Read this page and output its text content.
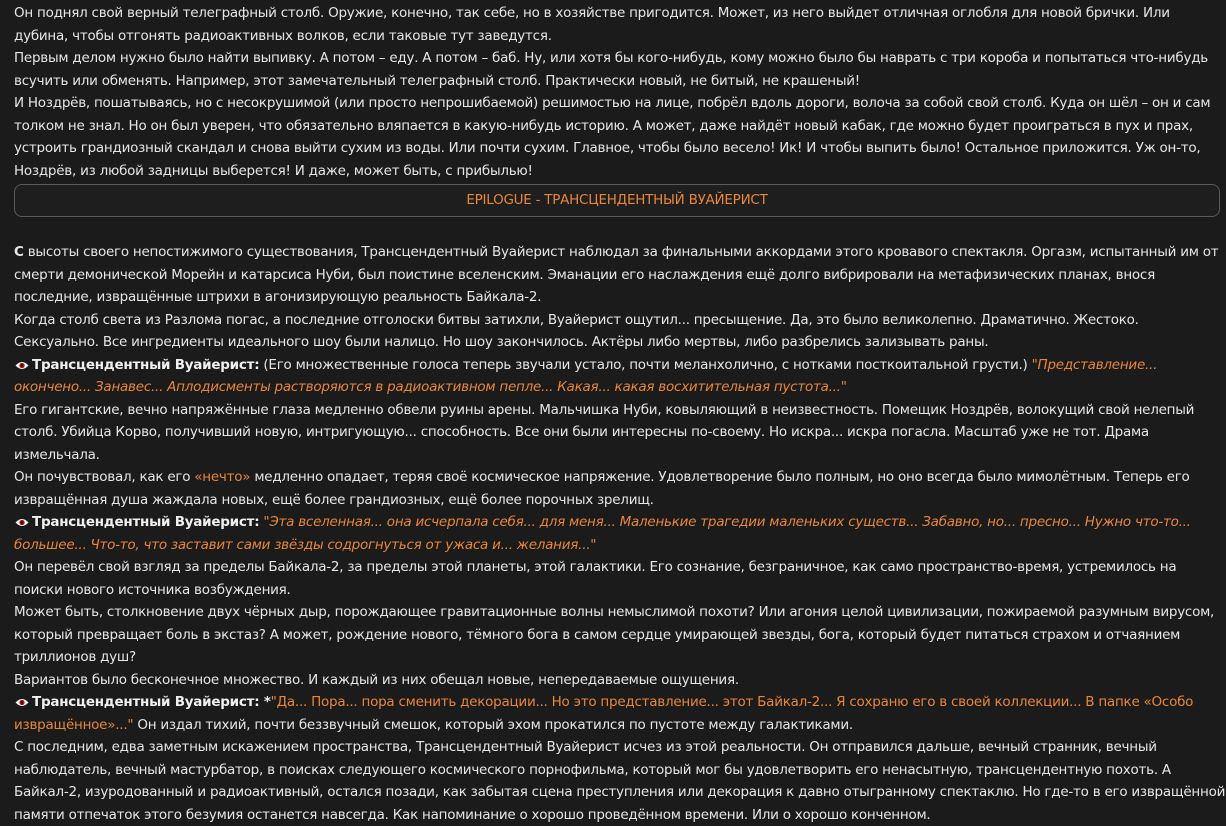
Он поднял свой верный телеграфный столб. Оружие, конечно, так себе, но в хозяйстве пригодится. Может, из него выйдет отличная оглобля для новой брички. Или дубина, чтобы отгонять радиоактивных волков, если таковые тут заведутся.

Первым делом нужно было найти выпивку. А потом – еду. А потом – баб. Ну, или хотя бы кого-нибудь, кому можно было бы наврать с три короба и попытаться что-нибудь всучить или обменять. Например, этот замечательный телеграфный столб. Практически новый, не битый, не крашеный!

И Ноздрёв, пошатываясь, но с несокрушимой (или просто непрошибаемой) решимостью на лице, побрёл вдоль дороги, волоча за собой свой столб. Куда он шёл – он и сам толком не знал. Но он был уверен, что обязательно вляпается в какую-нибудь историю. А может, даже найдёт новый кабак, где можно будет проиграться в пух и прах, устроить грандиозный скандал и снова выйти сухим из воды. Или почти сухим. Главное, чтобы было весело! Ик! И чтобы выпить было! Остальное приложится. Уж он-то, Ноздрёв, из любой задницы выберется! И даже, может быть, с прибылью!

EPILOGUE - ТРАНСЦЕНДЕНТНЫЙ ВУАЙЕРИСТ

С высоты своего непостижимого существования, Трансцендентный Вуайерист наблюдал за финальными аккордами этого кровавого спектакля. Оргазм, испытанный им от смерти демонической Морейн и катарсиса Нуби, был поистине вселенским. Эманации его наслаждения ещё долго вибрировали на метафизических планах, внося последние, извращённые штрихи в агонизирующую реальность Байкала-2.

Когда столб света из Разлома погас, а последние отголоски битвы затихли, Вуайерист ощутил... пресыщение. Да, это было великолепно. Драматично. Жестоко. Сексуально. Все ингредиенты идеального шоу были налицо. Но шоу закончилось. Актёры либо мертвы, либо разбрелись зализывать раны.

Трансцендентный Вуайерист: (Его множественные голоса теперь звучали устало, почти меланхолично, с нотками посткоитальной грусти.) "Представление... окончено... Занавес... Аплодисменты растворяются в радиоактивном пепле... Какая... какая восхитительная пустота..."

Его гигантские, вечно напряжённые глаза медленно обвели руины арены. Мальчишка Нуби, ковыляющий в неизвестность. Помещик Ноздрёв, волокущий свой нелепый столб. Убийца Корво, получивший новую, интригующую... способность. Все они были интересны по-своему. Но искра... искра погасла. Масштаб уже не тот. Драма измельчала.

Он почувствовал, как его «нечто» медленно опадает, теряя своё космическое напряжение. Удовлетворение было полным, но оно всегда было мимолётным. Теперь его извращённая душа жаждала новых, ещё более грандиозных, ещё более порочных зрелищ.

Трансцендентный Вуайерист: "Эта вселенная... она исчерпала себя... для меня... Маленькие трагедии маленьких существ... Забавно, но... пресно... Нужно что-то... большее... Что-то, что заставит сами звёзды содрогнуться от ужаса и... желания..."

Он перевёл свой взгляд за пределы Байкала-2, за пределы этой планеты, этой галактики. Его сознание, безграничное, как само пространство-время, устремилось на поиски нового источника возбуждения.

Может быть, столкновение двух чёрных дыр, порождающее гравитационные волны немыслимой похоти? Или агония целой цивилизации, пожираемой разумным вирусом, который превращает боль в экстаз? А может, рождение нового, тёмного бога в самом сердце умирающей звезды, бога, который будет питаться страхом и отчаянием триллионов душ?

Вариантов было бесконечное множество. И каждый из них обещал новые, непередаваемые ощущения.

Трансцендентный Вуайерист: *"Да... Пора... пора сменить декорации... Но это представление... этот Байкал-2... Я сохраню его в своей коллекции... В папке «Особо извращённое»..." Он издал тихий, почти беззвучный смешок, который эхом прокатился по пустоте между галактиками.

С последним, едва заметным искажением пространства, Трансцендентный Вуайерист исчез из этой реальности. Он отправился дальше, вечный странник, вечный наблюдатель, вечный мастурбатор, в поисках следующего космического порнофильма, который мог бы удовлетворить его ненасытную, трансцендентную похоть. А Байкал-2, изуродованный и радиоактивный, остался позади, как забытая сцена преступления или декорация к давно отыгранному спектаклю. Но где-то в его извращённой памяти отпечаток этого безумия останется навсегда. Как напоминание о хорошо проведённом времени. Или о хорошо конченном.
